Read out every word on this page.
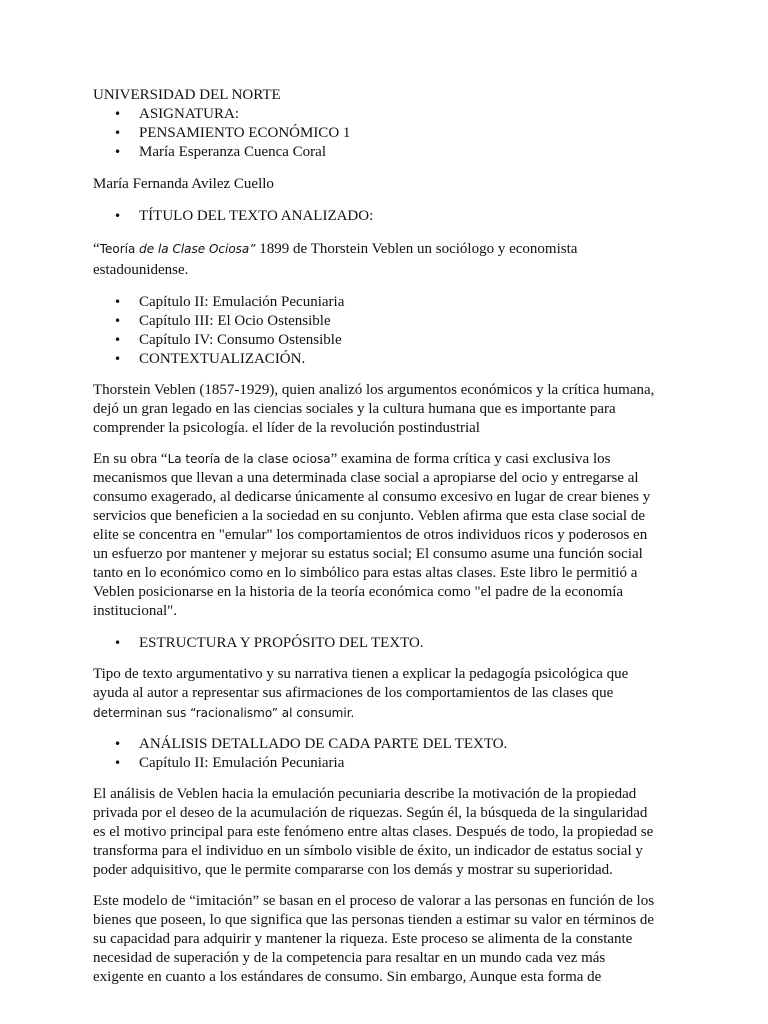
UNIVERSIDAD DEL NORTE

• ASIGNATURA:
• PENSAMIENTO ECONÓMICO 1
• María Esperanza Cuenca Coral

María Fernanda Avilez Cuello

• TÍTULO DEL TEXTO ANALIZADO:
“Teoría de la Clase Ociosa” 1899 de Thorstein Veblen un sociólogo y economista
estadounidense.
• Capítulo II: Emulación Pecuniaria
• Capítulo III: El Ocio Ostensible
• Capítulo IV: Consumo Ostensible
• CONTEXTUALIZACIÓN.
Thorstein Veblen (1857-1929), quien analizó los argumentos económicos y la crítica humana,
dejó un gran legado en las ciencias sociales y la cultura humana que es importante para
comprender la psicología. el líder de la revolución postindustrial
En su obra “La teoría de la clase ociosa” examina de forma crítica y casi exclusiva los
mecanismos que llevan a una determinada clase social a apropiarse del ocio y entregarse al
consumo exagerado, al dedicarse únicamente al consumo excesivo en lugar de crear bienes y
servicios que beneficien a la sociedad en su conjunto. Veblen afirma que esta clase social de
elite se concentra en "emular" los comportamientos de otros individuos ricos y poderosos en
un esfuerzo por mantener y mejorar su estatus social; El consumo asume una función social
tanto en lo económico como en lo simbólico para estas altas clases. Este libro le permitió a
Veblen posicionarse en la historia de la teoría económica como "el padre de la economía
institucional".
• ESTRUCTURA Y PROPÓSITO DEL TEXTO.
Tipo de texto argumentativo y su narrativa tienen a explicar la pedagogía psicológica que
ayuda al autor a representar sus afirmaciones de los comportamientos de las clases que
determinan sus “racionalismo” al consumir.
• ANÁLISIS DETALLADO DE CADA PARTE DEL TEXTO.
• Capítulo II: Emulación Pecuniaria
El análisis de Veblen hacia la emulación pecuniaria describe la motivación de la propiedad
privada por el deseo de la acumulación de riquezas. Según él, la búsqueda de la singularidad
es el motivo principal para este fenómeno entre altas clases. Después de todo, la propiedad se
transforma para el individuo en un símbolo visible de éxito, un indicador de estatus social y
poder adquisitivo, que le permite compararse con los demás y mostrar su superioridad.
Este modelo de “imitación” se basan en el proceso de valorar a las personas en función de los
bienes que poseen, lo que significa que las personas tienden a estimar su valor en términos de
su capacidad para adquirir y mantener la riqueza. Este proceso se alimenta de la constante
necesidad de superación y de la competencia para resaltar en un mundo cada vez más
exigente en cuanto a los estándares de consumo. Sin embargo, Aunque esta forma de
